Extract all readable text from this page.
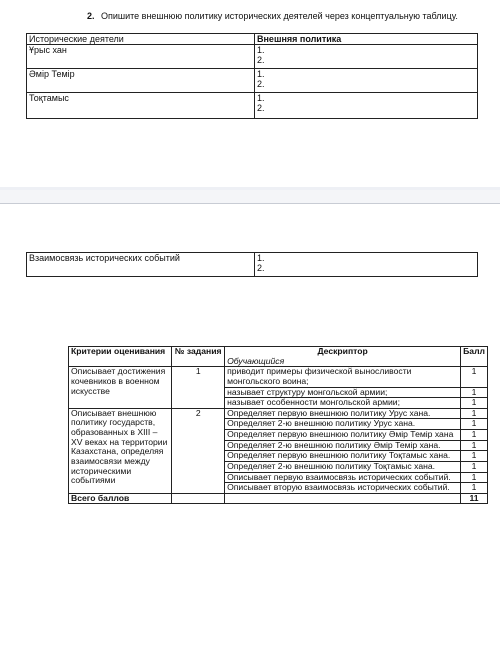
2. Опишите внешнюю политику исторических деятелей через концептуальную таблицу.
Исторические деятели	Внешняя политика
Ұрыс хан	1.
2.

Әмір Темір	1.
2.

Тоқтамыс	1.
2.
Взаимосвязь исторических событий	1.
2.
Критерии оценивания	№ задания	Дескриптор	Балл
		Обучающийся	
Описывает достижения кочевников в военном искусстве	1	приводит примеры физической выносливости монгольского воина;	1
		называет структуру монгольской армии;	1
		называет особенности монгольской армии;	1
Описывает внешнюю политику государств, образованных в XIII – XV веках на территории Казахстана, определяя взаимосвязи между историческими событиями	2	Определяет первую внешнюю политику Урус хана.	1
		Определяет 2-ю внешнюю политику Урус хана.	1
		Определяет первую внешнюю политику Әмір Темір хана	1
		Определяет 2-ю внешнюю политику Әмір Темір хана.	1
		Определяет первую внешнюю политику Тоқтамыс хана.	1
		Определяет 2-ю внешнюю политику Тоқтамыс хана.	1
		Описывает первую взаимосвязь исторических событий.	1
		Описывает вторую взаимосвязь исторических событий.	1
Всего баллов			11
